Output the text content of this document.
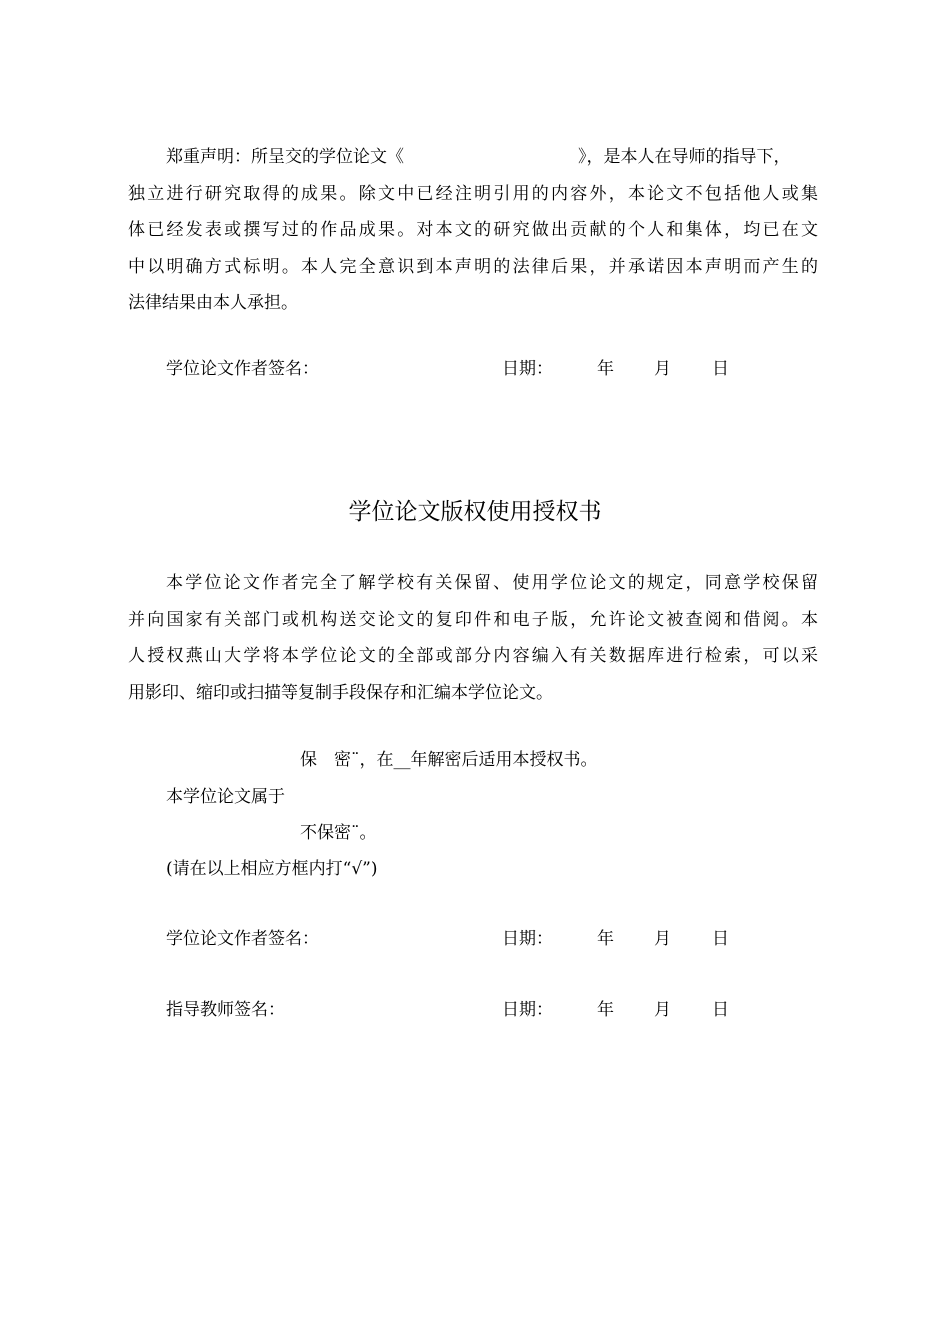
郑重声明：所呈交的学位论文《	》，是本人在导师的指导下，
独立进行研究取得的成果。除文中已经注明引用的内容外，本论文不包括他人或集
体已经发表或撰写过的作品成果。对本文的研究做出贡献的个人和集体，均已在文
中以明确方式标明。本人完全意识到本声明的法律后果，并承诺因本声明而产生的
法律结果由本人承担。
学位论文作者签名：	日期：	年 月 日
学位论文版权使用授权书
本学位论文作者完全了解学校有关保留、使用学位论文的规定，同意学校保留
并向国家有关部门或机构送交论文的复印件和电子版，允许论文被查阅和借阅。本
人授权燕山大学将本学位论文的全部或部分内容编入有关数据库进行检索，可以采
用影印、缩印或扫描等复制手段保存和汇编本学位论文。
保　密¨，在__年解密后适用本授权书。
本学位论文属于
不保密¨。
(请在以上相应方框内打“√”)
学位论文作者签名：	日期：	年 月 日
指导教师签名：	日期：	年 月 日
